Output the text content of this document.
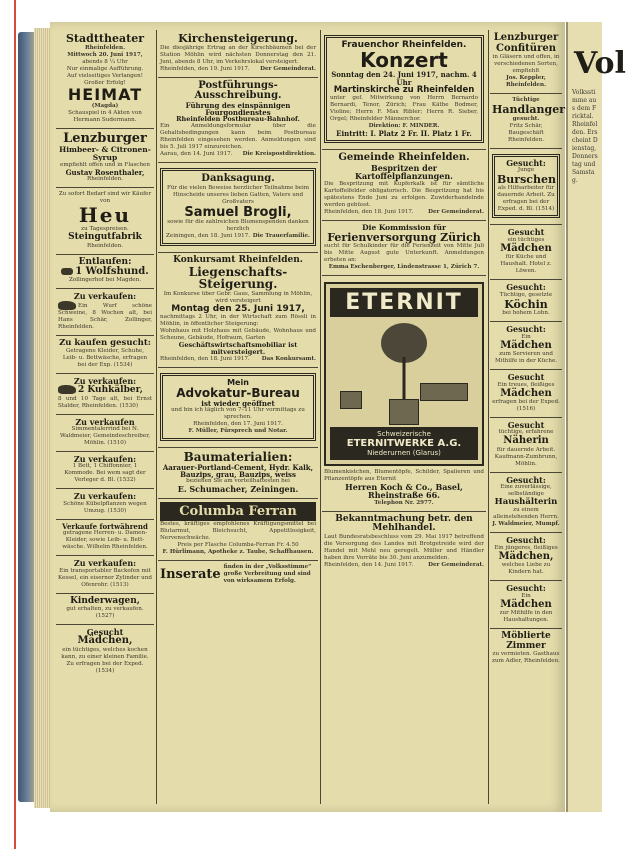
Stadttheater
Rheinfelden.
Mittwoch 20. Juni 1917,
abends 8 ¼ Uhr
Nur einmalige Aufführung.
Auf vielseitiges Verlangen!
Großer Erfolg!
HEIMAT
(Magda)
Schauspiel in 4 Akten von Hermann Sudermann.
Lenzburger
Himbeer- & Citronen-Syrup
empfiehlt offen und in Flaschen
Gustav Rosenthaler,
Rheinfelden.
Zu sofort Bedarf sind wir Käufer von
Heu
zu Tagespreisen.
Steingutfabrik
Rheinfelden.
Entlaufen:
1 Wolfshund.
Zollingerhof bei Magden.
Zu verkaufen:
Ein Wurf schöne Schweine, 8 Wochen alt, bei Hans Schär, Zollinger, Rheinfelden.
Zu kaufen gesucht:
Getragene Kleider, Schuhe, Leib- u. Bettwäsche, erfragen bei der Exp. (1534)
Zu verkaufen:
2 Kuhkälber,
8 und 10 Tage alt, bei Ernst Stalder, Rheinfelden. (1530)
Zu verkaufen
Simmentalerrind bei N. Waldmeier, Gemeindeschreiber, Möhlin. (1510)
Zu verkaufen:
1 Bett, 1 Chiffonnier, 1 Kommode. Bei wem sagt der Verleger d. Bl. (1532)
Zu verkaufen:
Schöne Kübelpflanzen wegen Umzug. (1530)
Verkaufe fortwährend
getragene Herren- u. Damen-Kleider, sowie Leib- u. Bettwäsche. Wilhelm Rheinfelden.
Zu verkaufen:
Ein transportabler Backofen mit Kessel, ein eiserner Zylinder und Ofenrohr. (1513)
Kinderwagen,
gut erhalten, zu verkaufen. (1527)
Gesucht
Mädchen,
ein tüchtiges, welches kochen kann, zu einer kleinen Familie. Zu erfragen bei der Exped. (1534)
Kirchensteigerung.
Die diesjährige Ertrag an der Kirschbäumen bei der Station Möhlin wird nächsten Donnerstag den 21. Juni, abends 8 Uhr, im Verkehrslokal versteigert.
Rheinfelden, den 19. Juni 1917. Der Gemeinderat.
Postführungs-Ausschreibung.
Führung des einspännigen Fourgondienstes
Rheinfelden Postbureau-Bahnhof.
Ein Anmeldungsformular über die Gehaltsbedingungen kann beim Postbureau Rheinfelden eingesehen werden. Anmeldungen sind bis 5. Juli 1917 einzureichen.
Aarau, den 14. Juni 1917. Die Kreispostdirektion.
Danksagung.
Für die vielen Beweise herzlicher Teilnahme beim Hinscheide unseres lieben Gatten, Vaters und Großvaters
Samuel Brogli,
sowie für die zahlreichen Blumenspenden danken herzlich
Zeiningen, den 18. Juni 1917. Die Trauerfamilie.
Konkursamt Rheinfelden.
Liegenschafts-Steigerung.
Im Konkurse über Gebr. Gaus, Sammlung in Möhlin, wird versteigert
Montag den 25. Juni 1917,
nachmittags 2 Uhr, in der Wirtschaft zum Rössli in Möhlin, in öffentlicher Steigerung:
Wohnhaus mit Holzhaus mit Gebäude, Wohnhaus und Scheune, Gebäude, Hofraum, Garten
Geschäftswirtschaftsmobiliar ist mitversteigert.
Rheinfelden, den 18. Juni 1917. Das Konkursamt.
Mein
Advokatur-Bureau
ist wieder geöffnet
und bin ich täglich von 7–11 Uhr vormittags zu sprechen.
Rheinfelden, den 17. Juni 1917.
F. Müller, Fürsprech und Notar.
Baumaterialien:
Aarauer-Portland-Cement, Hydr. Kalk, Bauzips, grau, Bauzips, weiss
beziehen Sie am vorteilhaftesten bei
E. Schumacher, Zeiningen.
Columba Ferran
Bestes, kräftiges empfohlenes Kräftigungsmittel bei Blutarmut, Bleichsucht, Appetitlosigkeit, Nervenschwäche.
Preis per Flasche Columba-Ferran Fr. 4.50
F. Hürlimann, Apotheke z. Taube, Schaffhausen.
Inserate finden in der „Volksstimme“ große Verbreitung und sind von wirksamem Erfolg.
Frauenchor Rheinfelden.
Konzert
Sonntag den 24. Juni 1917, nachm. 4 Uhr
Martinskirche zu Rheinfelden
unter gef. Mitwirkung von Herrn Bernardo Bernardi, Tenor, Zürich; Frau Käthe Bodmer, Violine; Herrn F. Max Ribler; Herrn R. Sieber, Orgel; Rheinfelder Männerchor.
Direktion: F. MINDER.
Eintritt: I. Platz 2 Fr. II. Platz 1 Fr.
Gemeinde Rheinfelden.
Bespritzen der Kartoffelpflanzungen.
Die Bespritzung mit Kupferkalk ist für sämtliche Kartoffelfelder obligatorisch. Die Bespritzung hat bis spätestens Ende Juni zu erfolgen. Zuwiderhandelnde werden gebüsst.
Rheinfelden, den 18. Juni 1917.	Der Gemeinderat.
Die Kommission für
Ferienversorgung Zürich
sucht für Schulkinder für die Ferienzeit von Mitte Juli bis Mitte August gute Unterkunft. Anmeldungen erbeten an:
Emma Eschenberger, Lindenstrasse 1, Zürich 7.
ETERNIT
Schweizerische
ETERNITWERKE A.G.
Niederurnen (Glarus)
Blumenkistchen, Blumentöpfe, Schilder, Spalieren und Pflanzentöpfe aus Eternit
Herren Koch & Co., Basel, Rheinstraße 66.
Telephon Nr. 2977.
Bekanntmachung betr. den Mehlhandel.
Laut Bundesratsbeschluss vom 29. Mai 1917 betreffend die Versorgung des Landes mit Brotgetreide wird der Handel mit Mehl neu geregelt. Müller und Händler haben ihre Vorräte bis 30. Juni anzumelden.
Rheinfelden, den 14. Juni 1917.	Der Gemeinderat.
Lenzburger Confitüren
in Gläsern und offen, in verschiedenen Sorten, empfiehlt
Jos. Keppler, Rheinfelden.
Tüchtige
Handlanger
gesucht.
Fritz Schär, Baugeschäft Rheinfelden.
Gesucht:
Junge
Burschen
als Hilfsarbeiter für dauernde Arbeit. Zu erfragen bei der Exped. d. Bl. (1514)
Gesucht
ein tüchtiges
Mädchen
für Küche und Haushalt. Hotel z. Löwen.
Gesucht:
Tüchtige, gesetzte
Köchin
bei hohem Lohn.
Gesucht:
Ein
Mädchen
zum Servieren und Mithilfe in der Küche.
Gesucht
Ein treues, fleißiges
Mädchen
erfragen bei der Exped. (1516)
Gesucht
tüchtige, erfahrene
Näherin
für dauernde Arbeit. Kaufmann-Zumbrunn, Möhlin.
Gesucht:
Eine zuverlässige, selbständige
Haushälterin
zu einem alleinstehenden Herrn.
J. Waldmeier, Mumpf.
Gesucht:
Ein jüngeres, fleißiges
Mädchen,
welches Liebe zu Kindern hat.
Gesucht:
Ein
Mädchen
zur Mithilfe in den Haushaltungen.
Möblierte Zimmer
zu vermieten. Gasthaus zum Adler, Rheinfelden.
Vol
Volksstimme aus dem Fricktal. Rheinfelden. Erscheint Dienstag, Donnerstag und Samstag.
